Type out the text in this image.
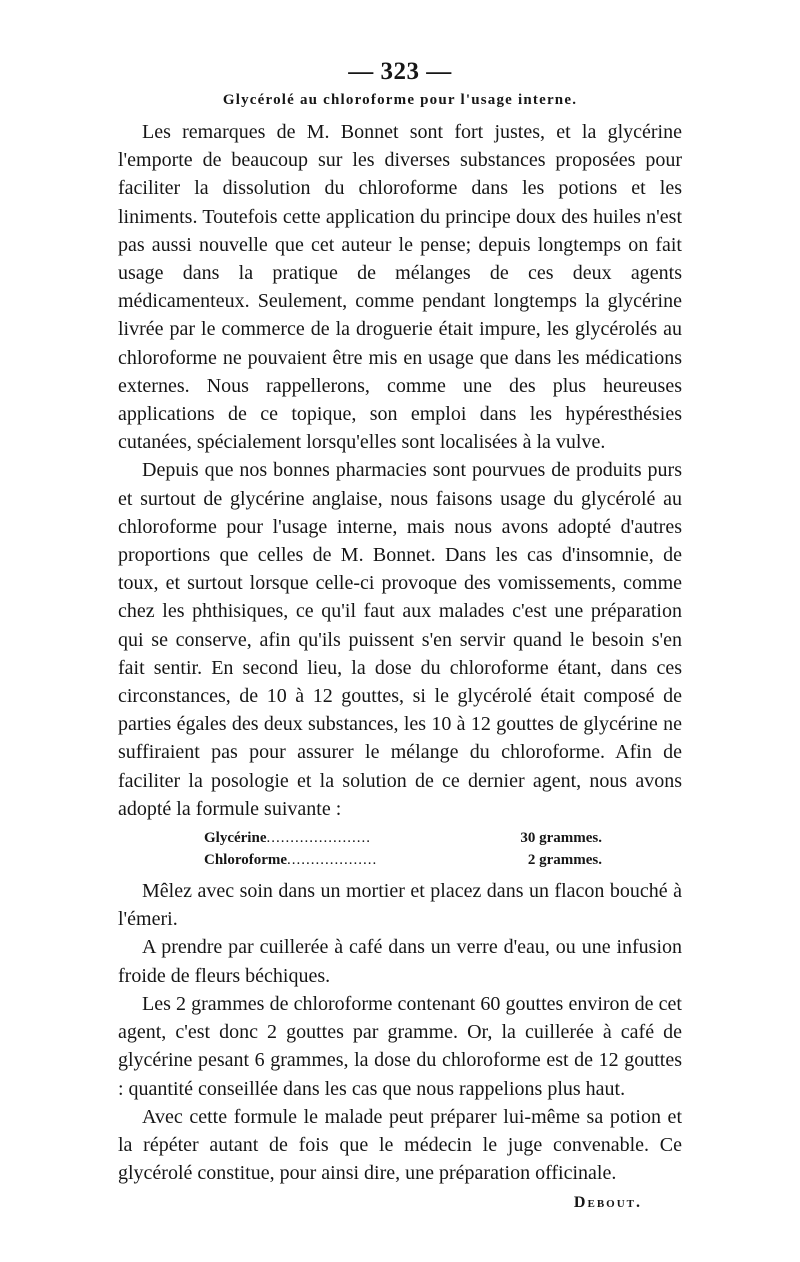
— 323 —
Glycérolé au chloroforme pour l'usage interne.

Les remarques de M. Bonnet sont fort justes, et la glycérine l'emporte de beaucoup sur les diverses substances proposées pour faciliter la dissolution du chloroforme dans les potions et les liniments. Toutefois cette application du principe doux des huiles n'est pas aussi nouvelle que cet auteur le pense; depuis longtemps on fait usage dans la pratique de mélanges de ces deux agents médicamenteux. Seulement, comme pendant longtemps la glycérine livrée par le commerce de la droguerie était impure, les glycérolés au chloroforme ne pouvaient être mis en usage que dans les médications externes. Nous rappellerons, comme une des plus heureuses applications de ce topique, son emploi dans les hypéresthésies cutanées, spécialement lorsqu'elles sont localisées à la vulve.

Depuis que nos bonnes pharmacies sont pourvues de produits purs et surtout de glycérine anglaise, nous faisons usage du glycérolé au chloroforme pour l'usage interne, mais nous avons adopté d'autres proportions que celles de M. Bonnet. Dans les cas d'insomnie, de toux, et surtout lorsque celle-ci provoque des vomissements, comme chez les phthisiques, ce qu'il faut aux malades c'est une préparation qui se conserve, afin qu'ils puissent s'en servir quand le besoin s'en fait sentir. En second lieu, la dose du chloroforme étant, dans ces circonstances, de 10 à 12 gouttes, si le glycérolé était composé de parties égales des deux substances, les 10 à 12 gouttes de glycérine ne suffiraient pas pour assurer le mélange du chloroforme. Afin de faciliter la posologie et la solution de ce dernier agent, nous avons adopté la formule suivante :

Glycérine ......................	30 grammes.
Chloroforme ...................	2 grammes.

Mêlez avec soin dans un mortier et placez dans un flacon bouché à l'émeri.

A prendre par cuillerée à café dans un verre d'eau, ou une infusion froide de fleurs béchiques.

Les 2 grammes de chloroforme contenant 60 gouttes environ de cet agent, c'est donc 2 gouttes par gramme. Or, la cuillerée à café de glycérine pesant 6 grammes, la dose du chloroforme est de 12 gouttes : quantité conseillée dans les cas que nous rappelions plus haut.

Avec cette formule le malade peut préparer lui-même sa potion et la répéter autant de fois que le médecin le juge convenable. Ce glycérolé constitue, pour ainsi dire, une préparation officinale.

Debout.
